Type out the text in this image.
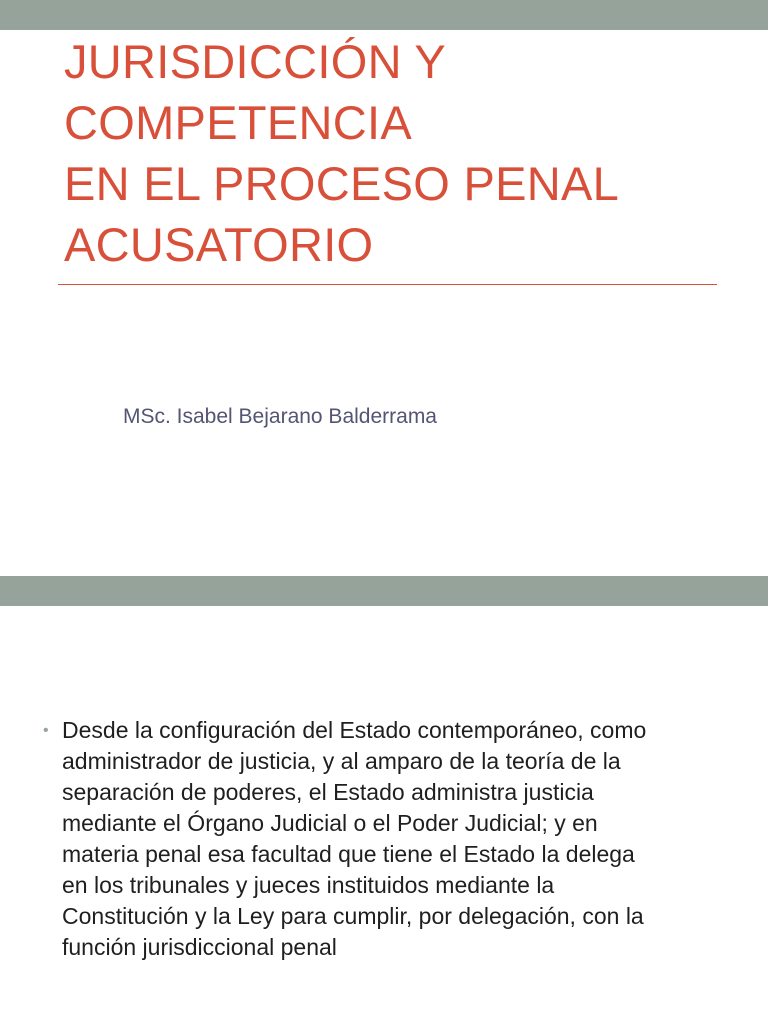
JURISDICCIÓN Y
COMPETENCIA
EN EL PROCESO PENAL
ACUSATORIO

MSc. Isabel Bejarano Balderrama

• Desde la configuración del Estado contemporáneo, como
administrador de justicia, y al amparo de la teoría de la
separación de poderes, el Estado administra justicia
mediante el Órgano Judicial o el Poder Judicial; y en
materia penal esa facultad que tiene el Estado la delega
en los tribunales y jueces instituidos mediante la
Constitución y la Ley para cumplir, por delegación, con la
función jurisdiccional penal
